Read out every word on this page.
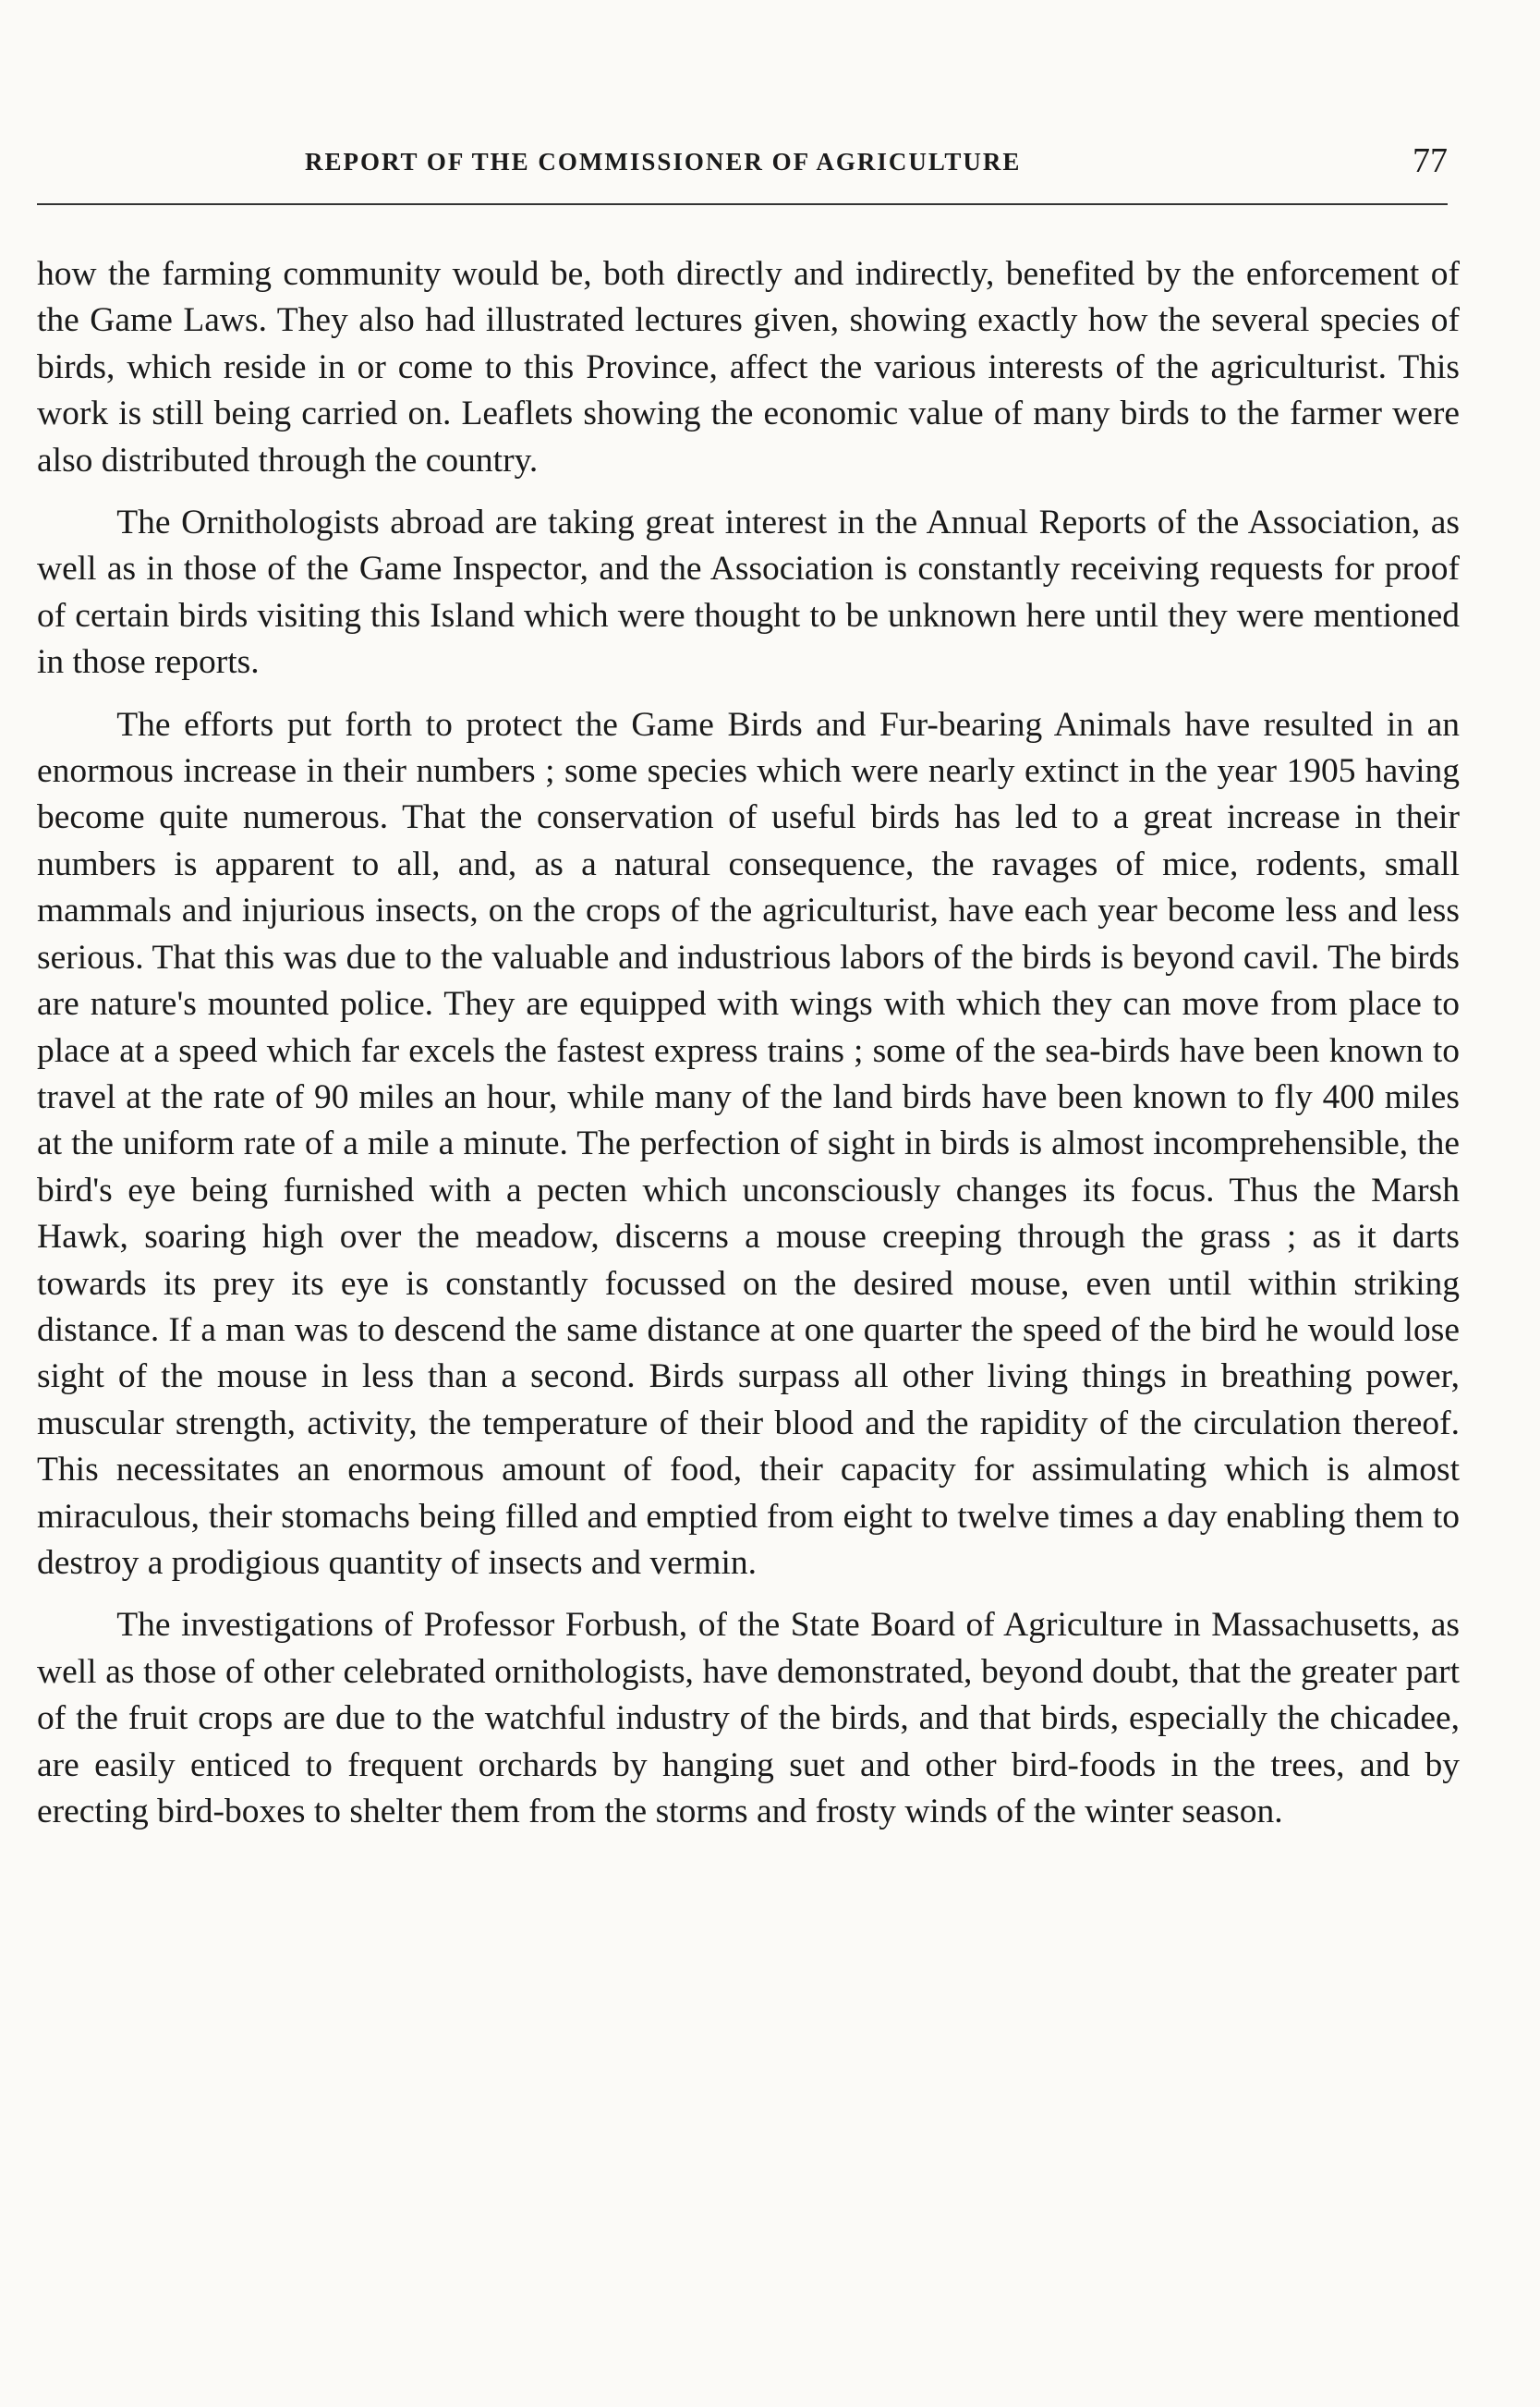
REPORT OF THE COMMISSIONER OF AGRICULTURE	77

how the farming community would be, both directly and indirectly, benefited by the enforcement of the Game Laws. They also had illustrated lectures given, showing exactly how the several species of birds, which reside in or come to this Province, affect the various interests of the agriculturist. This work is still being carried on. Leaflets showing the economic value of many birds to the farmer were also distributed through the country.

The Ornithologists abroad are taking great interest in the Annual Reports of the Association, as well as in those of the Game Inspector, and the Association is constantly receiving requests for proof of certain birds visiting this Island which were thought to be unknown here until they were mentioned in those reports.

The efforts put forth to protect the Game Birds and Fur-bearing Animals have resulted in an enormous increase in their numbers ; some species which were nearly extinct in the year 1905 having become quite numerous. That the conservation of useful birds has led to a great increase in their numbers is apparent to all, and, as a natural consequence, the ravages of mice, rodents, small mammals and injurious insects, on the crops of the agriculturist, have each year become less and less serious. That this was due to the valuable and industrious labors of the birds is beyond cavil. The birds are nature's mounted police. They are equipped with wings with which they can move from place to place at a speed which far excels the fastest express trains ; some of the sea-birds have been known to travel at the rate of 90 miles an hour, while many of the land birds have been known to fly 400 miles at the uniform rate of a mile a minute. The perfection of sight in birds is almost incomprehensible, the bird's eye being furnished with a pecten which unconsciously changes its focus. Thus the Marsh Hawk, soaring high over the meadow, discerns a mouse creeping through the grass ; as it darts towards its prey its eye is constantly focussed on the desired mouse, even until within striking distance. If a man was to descend the same distance at one quarter the speed of the bird he would lose sight of the mouse in less than a second. Birds surpass all other living things in breathing power, muscular strength, activity, the temperature of their blood and the rapidity of the circulation thereof. This necessitates an enormous amount of food, their capacity for assimulating which is almost miraculous, their stomachs being filled and emptied from eight to twelve times a day enabling them to destroy a prodigious quantity of insects and vermin.

The investigations of Professor Forbush, of the State Board of Agriculture in Massachusetts, as well as those of other celebrated ornithologists, have demonstrated, beyond doubt, that the greater part of the fruit crops are due to the watchful industry of the birds, and that birds, especially the chicadee, are easily enticed to frequent orchards by hanging suet and other bird-foods in the trees, and by erecting bird-boxes to shelter them from the storms and frosty winds of the winter season.
